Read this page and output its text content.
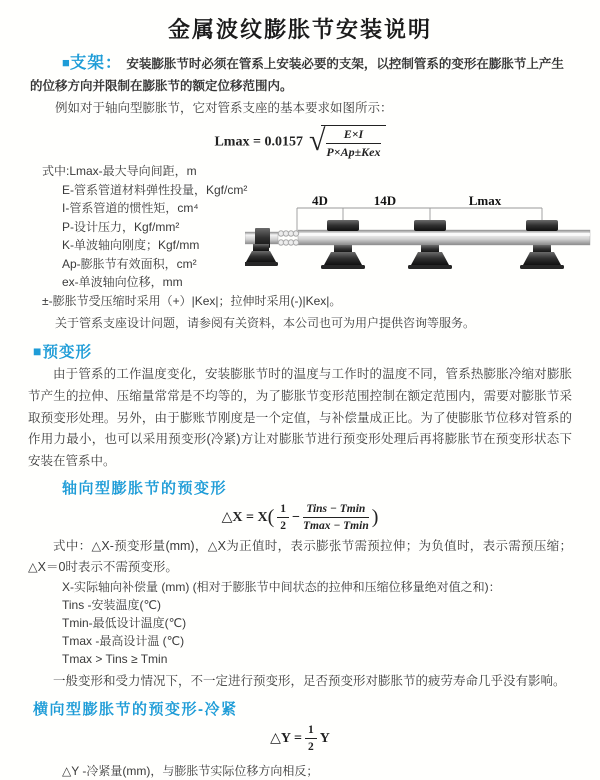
金属波纹膨胀节安装说明

■支架： 安装膨胀节时必须在管系上安装必要的支架，以控制管系的变形在膨胀节上产生的位移方向并限制在膨胀节的额定位移范围内。

例如对于轴向型膨胀节，它对管系支座的基本要求如图所示：

Lmax = 0.0157 √
$\frac{E\times I}{\text{P×Ap±Kex}}$
式中:Lmax-最大导向间距，m
E-管系管道材料弹性投量，Kgf/cm²
I-管系管道的惯性矩，cm⁴
P-设计压力，Kgf/mm²
K-单波轴向刚度；Kgf/mm
Ap-膨胀节有效面积，cm²
ex-单波轴向位移，mm
±-膨胀节受压缩时采用（+）|Kex|；拉伸时采用(-)|Kex|。
关于管系支座设计问题，请参阅有关资料，本公司也可为用户提供咨询等服务。
4D	14D	Lmax
■预变形

由于管系的工作温度变化，安装膨胀节时的温度与工作时的温度不同，管系热膨胀冷缩对膨胀节产生的拉伸、压缩量常常是不均等的，为了膨胀节变形范围控制在额定范围内，需要对膨胀节采取预变形处理。另外，由于膨账节刚度是一个定值，与补偿量成正比。为了使膨胀节位移对管系的作用力最小，也可以采用预变形(冷紧)方让对膨胀节进行预变形处理后再将膨胀节在预变形状态下安装在管系中。

轴向型膨胀节的预变形
△X = $X( \frac{1}{2} - \frac{\text{Tins − Tmin}}{Tmax - Tmin}$ )

式中：△X-预变形量(mm)，△X为正值时，表示膨张节需预拉伸；为负值时，表示需预压缩；△X＝0时表示不需预变形。

X-实际轴向补偿量 (mm) (相对于膨胀节中间状态的拉伸和压缩位移量绝对值之和)：
Tins -安装温度(℃)
Tmin-最低设计温度(℃)
Tmax -最高设计温 (℃)
Tmax > Tins ≥ Tmin

一般变形和受力情况下，不一定进行预变形，足否预变形对膨胀节的疲劳寿命几乎没有影响。

横向型膨胀节的预变形-冷紧
△Y = $\frac{1}{2}$ Y

△Y -冷紧量(mm)，与膨胀节实际位移方向相反；
